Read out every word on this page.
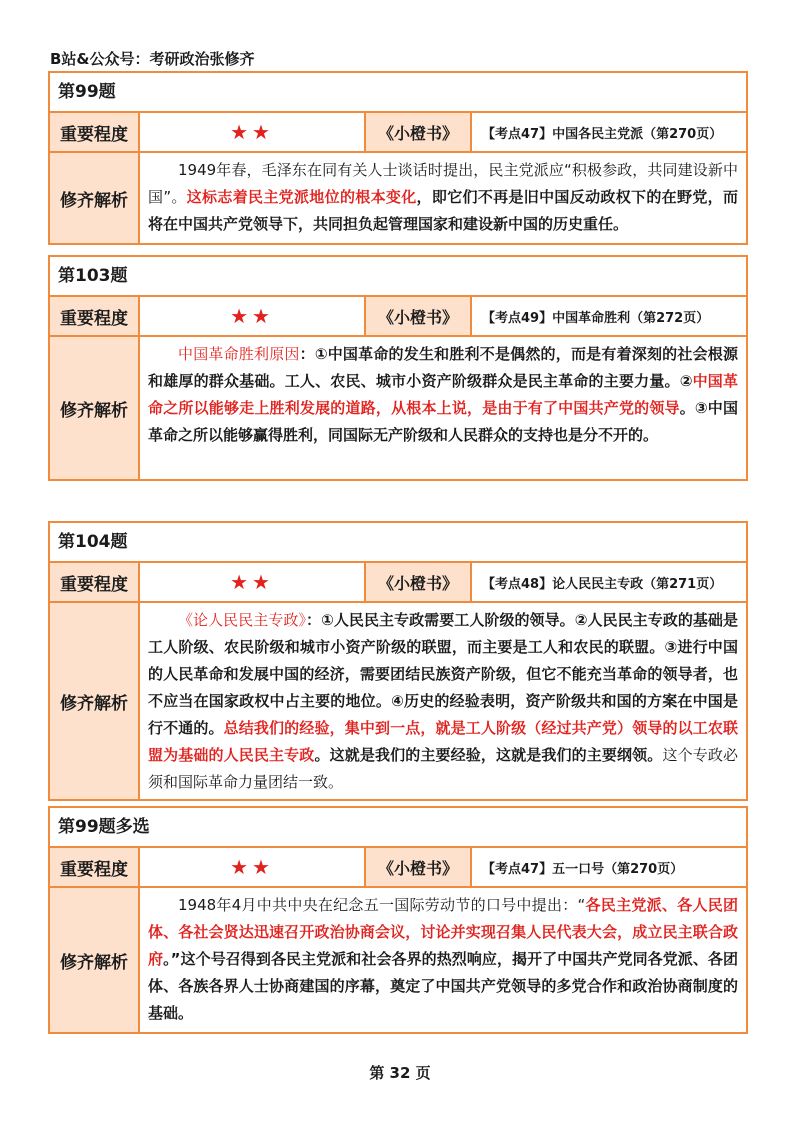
B站&公众号：考研政治张修齐
第99题
重要程度	★★	《小橙书》	【考点47】中国各民主党派（第270页）
修齐解析
1949年春，毛泽东在同有关人士谈话时提出，民主党派应“积极参政，共同建设新中国”。这标志着民主党派地位的根本变化，即它们不再是旧中国反动政权下的在野党，而将在中国共产党领导下，共同担负起管理国家和建设新中国的历史重任。
第103题
重要程度	★★	《小橙书》	【考点49】中国革命胜利（第272页）
修齐解析
中国革命胜利原因：①中国革命的发生和胜利不是偶然的，而是有着深刻的社会根源和雄厚的群众基础。工人、农民、城市小资产阶级群众是民主革命的主要力量。②中国革命之所以能够走上胜利发展的道路，从根本上说，是由于有了中国共产党的领导。③中国革命之所以能够赢得胜利，同国际无产阶级和人民群众的支持也是分不开的。
第104题
重要程度	★★	《小橙书》	【考点48】论人民民主专政（第271页）
修齐解析
《论人民民主专政》：①人民民主专政需要工人阶级的领导。②人民民主专政的基础是工人阶级、农民阶级和城市小资产阶级的联盟，而主要是工人和农民的联盟。③进行中国的人民革命和发展中国的经济，需要团结民族资产阶级，但它不能充当革命的领导者，也不应当在国家政权中占主要的地位。④历史的经验表明，资产阶级共和国的方案在中国是行不通的。总结我们的经验，集中到一点，就是工人阶级（经过共产党）领导的以工农联盟为基础的人民民主专政。这就是我们的主要经验，这就是我们的主要纲领。这个专政必须和国际革命力量团结一致。
第99题多选
重要程度	★★	《小橙书》	【考点47】五一口号（第270页）
修齐解析
1948年4月中共中央在纪念五一国际劳动节的口号中提出：“各民主党派、各人民团体、各社会贤达迅速召开政治协商会议，讨论并实现召集人民代表大会，成立民主联合政府。”这个号召得到各民主党派和社会各界的热烈响应，揭开了中国共产党同各党派、各团体、各族各界人士协商建国的序幕，奠定了中国共产党领导的多党合作和政治协商制度的基础。
第 32 页
